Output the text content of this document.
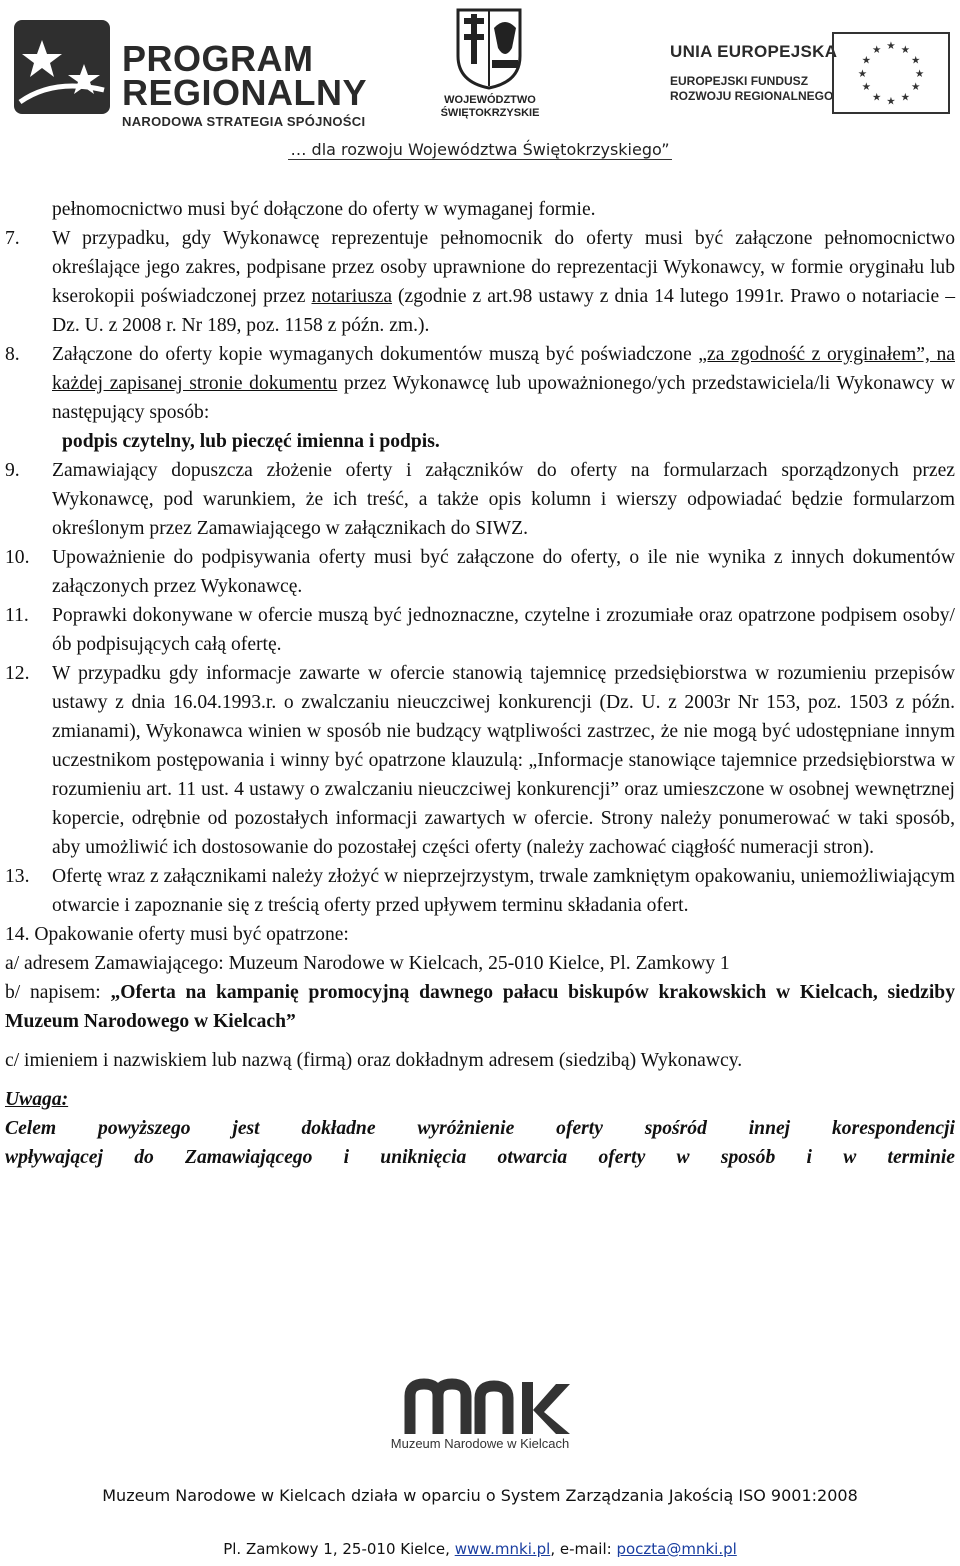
PROGRAM
REGIONALNY
NARODOWA STRATEGIA SPÓJNOŚCI
WOJEWÓDZTWO
ŚWIĘTOKRZYSKIE
UNIA EUROPEJSKA
EUROPEJSKI FUNDUSZ
ROZWOJU REGIONALNEGO
★ ★
★
★
★
★
★
★
★
★
★
★
… dla rozwoju Województwa Świętokrzyskiego”

pełnomocnictwo musi być dołączone do oferty w wymaganej formie.

7. W przypadku, gdy Wykonawcę reprezentuje pełnomocnik do oferty musi być załączone pełnomocnictwo określające jego zakres, podpisane przez osoby uprawnione do reprezentacji Wykonawcy, w formie oryginału lub kserokopii poświadczonej przez notariusza (zgodnie z art.98 ustawy z dnia 14 lutego 1991r. Prawo o notariacie – Dz. U. z 2008 r. Nr 189, poz. 1158 z późn. zm.).

8. Załączone do oferty kopie wymaganych dokumentów muszą być poświadczone „za zgodność z oryginałem”, na każdej zapisanej stronie dokumentu przez Wykonawcę lub upoważnionego/ych przedstawiciela/li Wykonawcy w następujący sposób:
podpis czytelny, lub pieczęć imienna i podpis.

9. Zamawiający dopuszcza złożenie oferty i załączników do oferty na formularzach sporządzonych przez Wykonawcę, pod warunkiem, że ich treść, a także opis kolumn i wierszy odpowiadać będzie formularzom określonym przez Zamawiającego w załącznikach do SIWZ.

10. Upoważnienie do podpisywania oferty musi być załączone do oferty, o ile nie wynika z innych dokumentów załączonych przez Wykonawcę.

11. Poprawki dokonywane w ofercie muszą być jednoznaczne, czytelne i zrozumiałe oraz opatrzone podpisem osoby/ób podpisujących całą ofertę.

12. W przypadku gdy informacje zawarte w ofercie stanowią tajemnicę przedsiębiorstwa w rozumieniu przepisów ustawy z dnia 16.04.1993.r. o zwalczaniu nieuczciwej konkurencji (Dz. U. z 2003r Nr 153, poz. 1503 z późn. zmianami), Wykonawca winien w sposób nie budzący wątpliwości zastrzec, że nie mogą być udostępniane innym uczestnikom postępowania i winny być opatrzone klauzulą: „Informacje stanowiące tajemnice przedsiębiorstwa w rozumieniu art. 11 ust. 4 ustawy o zwalczaniu nieuczciwej konkurencji” oraz umieszczone w osobnej wewnętrznej kopercie, odrębnie od pozostałych informacji zawartych w ofercie. Strony należy ponumerować w taki sposób, aby umożliwić ich dostosowanie do pozostałej części oferty (należy zachować ciągłość numeracji stron).

13. Ofertę wraz z załącznikami należy złożyć w nieprzejrzystym, trwale zamkniętym opakowaniu, uniemożliwiającym otwarcie i zapoznanie się z treścią oferty przed upływem terminu składania ofert.

14. Opakowanie oferty musi być opatrzone:

a/ adresem Zamawiającego: Muzeum Narodowe w Kielcach, 25-010 Kielce, Pl. Zamkowy 1

b/ napisem: „Oferta na kampanię promocyjną dawnego pałacu biskupów krakowskich w Kielcach, siedziby Muzeum Narodowego w Kielcach”

c/ imieniem i nazwiskiem lub nazwą (firmą) oraz dokładnym adresem (siedzibą) Wykonawcy.

Uwaga:

Celem powyższego jest dokładne wyróżnienie oferty spośród innej korespondencji

wpływającej do Zamawiającego i uniknięcia otwarcia oferty w sposób i w terminie

Muzeum Narodowe w Kielcach
Muzeum Narodowe w Kielcach działa w oparciu o System Zarządzania Jakością ISO 9001:2008
Pl. Zamkowy 1, 25-010 Kielce, www.mnki.pl, e-mail: poczta@mnki.pl
